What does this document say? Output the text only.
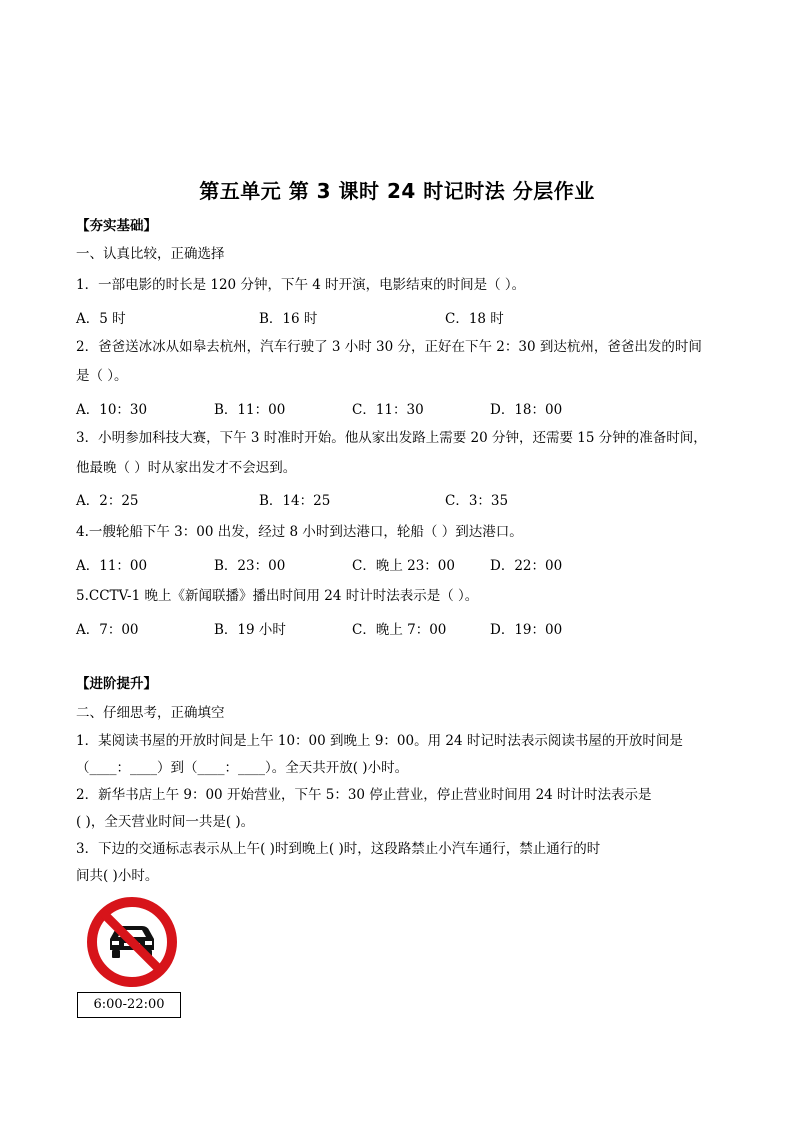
第五单元 第 3 课时 24 时记时法 分层作业
【夯实基础】
一、认真比较，正确选择
1．一部电影的时长是 120 分钟，下午 4 时开演，电影结束的时间是（ ）。
A．5 时	B．16 时	C．18 时
2．爸爸送冰冰从如皋去杭州，汽车行驶了 3 小时 30 分，正好在下午 2：30 到达杭州，爸爸出发的时间
是（ ）。
A．10：30	B．11：00	C．11：30	D．18：00
3．小明参加科技大赛，下午 3 时准时开始。他从家出发路上需要 20 分钟，还需要 15 分钟的准备时间，
他最晚（ ）时从家出发才不会迟到。
A．2：25	B．14：25	C．3：35
4.一艘轮船下午 3：00 出发，经过 8 小时到达港口，轮船（ ）到达港口。
A．11：00	B．23：00	C．晚上 23：00	D．22：00
5.CCTV-1 晚上《新闻联播》播出时间用 24 时计时法表示是（ ）。
A．7：00	B．19 小时	C．晚上 7：00	D．19：00
【进阶提升】
二、仔细思考，正确填空
1．某阅读书屋的开放时间是上午 10：00 到晚上 9：00。用 24 时记时法表示阅读书屋的开放时间是
（____：____）到（____：____）。全天共开放( )小时。
2．新华书店上午 9：00 开始营业，下午 5：30 停止营业，停止营业时间用 24 时计时法表示是
( )，全天营业时间一共是( )。
3．下边的交通标志表示从上午( )时到晚上( )时，这段路禁止小汽车通行，禁止通行的时
间共( )小时。
6:00-22:00
